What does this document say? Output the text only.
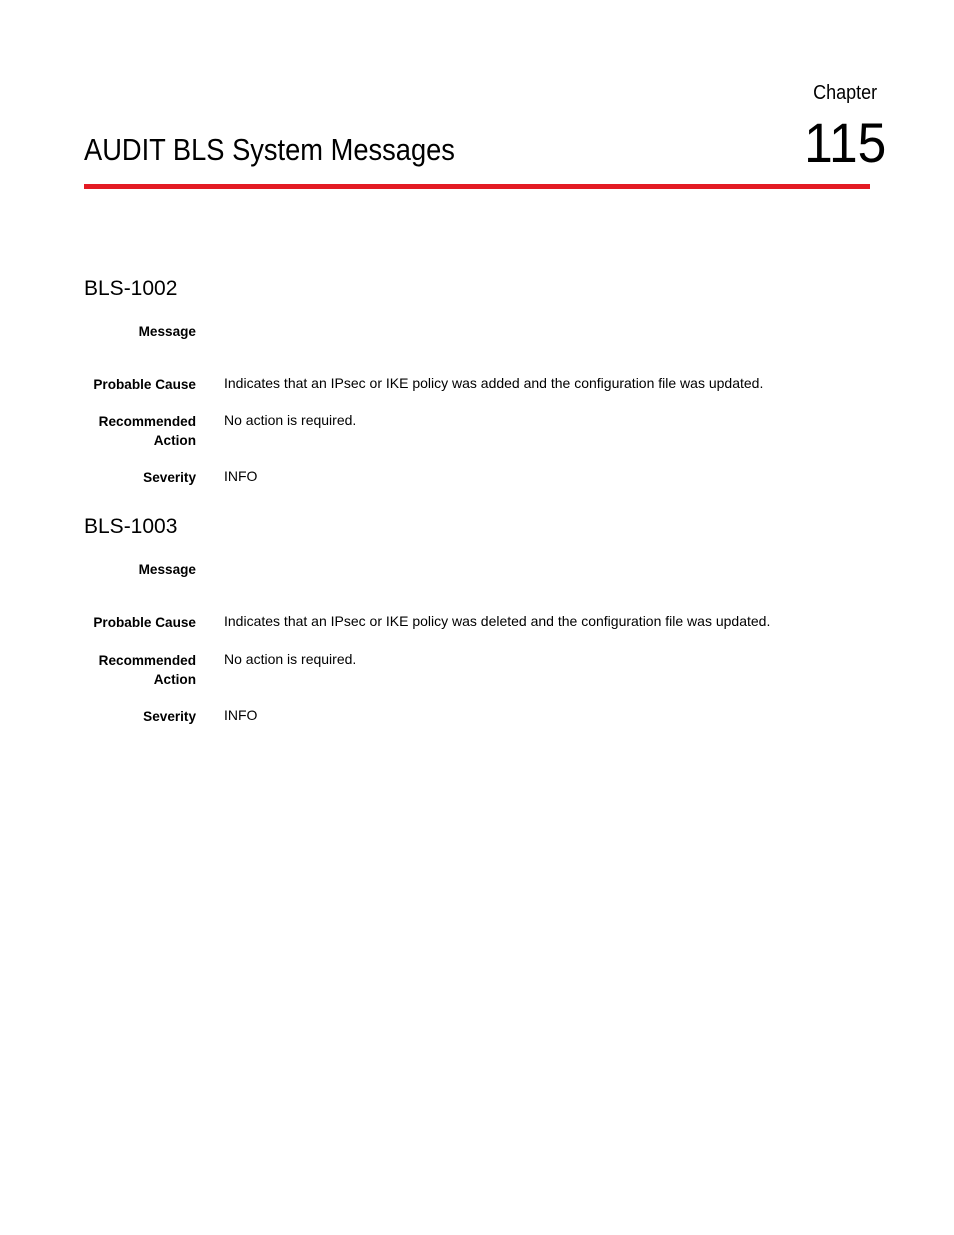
Chapter
115
AUDIT BLS System Messages
BLS-1002
Message
Probable Cause Indicates that an IPsec or IKE policy was added and the configuration file was updated.
Recommended
Action
No action is required.
Severity INFO
BLS-1003
Message
Probable Cause Indicates that an IPsec or IKE policy was deleted and the configuration file was updated.
Recommended
Action
No action is required.
Severity INFO
